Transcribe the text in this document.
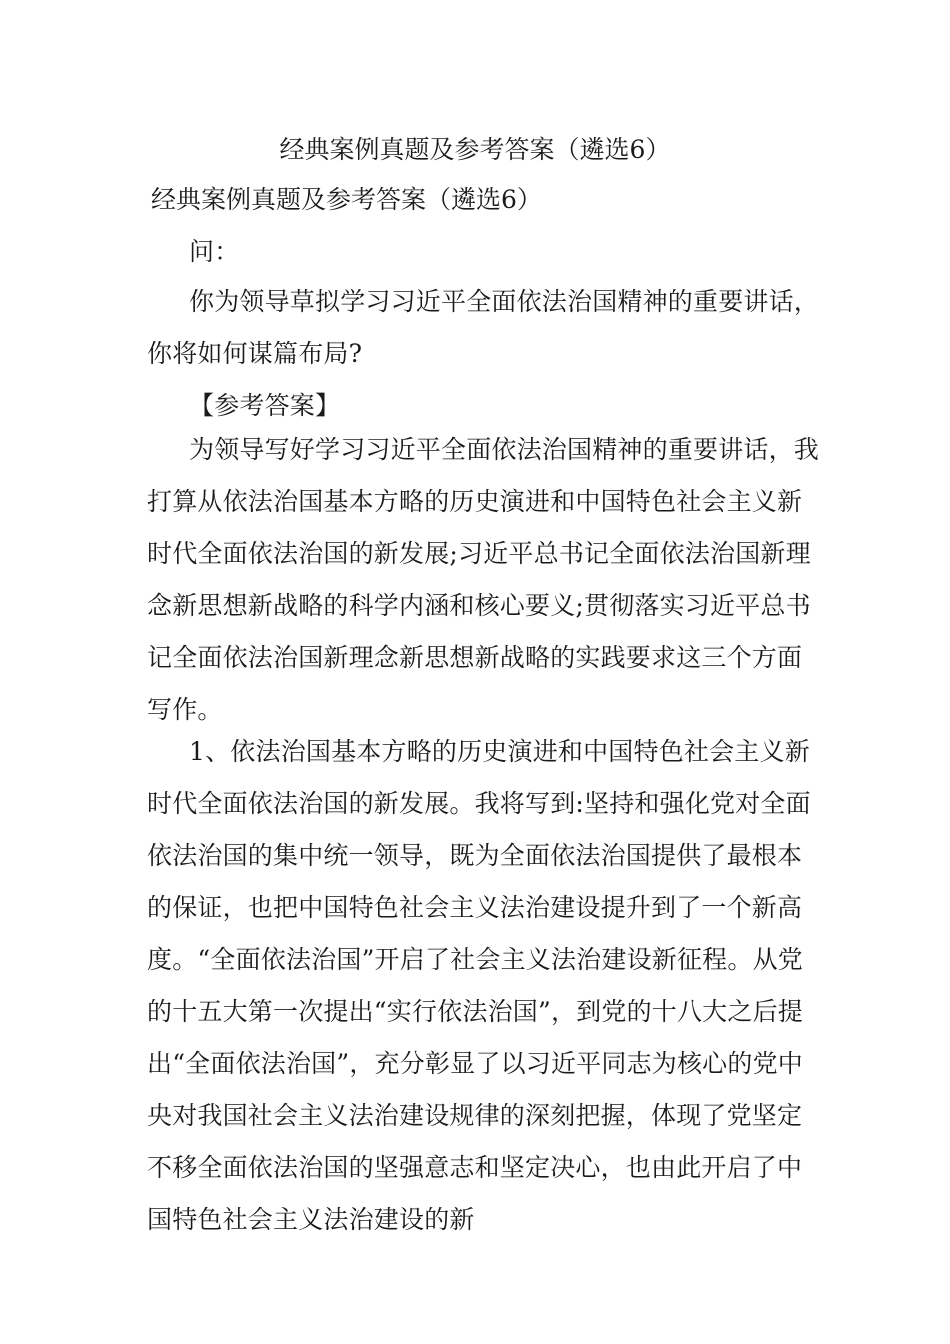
经典案例真题及参考答案（遴选6）
经典案例真题及参考答案（遴选6）
问：
你为领导草拟学习习近平全面依法治国精神的重要讲话，你将如何谋篇布局?
【参考答案】
为领导写好学习习近平全面依法治国精神的重要讲话，我打算从依法治国基本方略的历史演进和中国特色社会主义新时代全面依法治国的新发展;习近平总书记全面依法治国新理念新思想新战略的科学内涵和核心要义;贯彻落实习近平总书记全面依法治国新理念新思想新战略的实践要求这三个方面写作。
1、依法治国基本方略的历史演进和中国特色社会主义新时代全面依法治国的新发展。我将写到:坚持和强化党对全面依法治国的集中统一领导，既为全面依法治国提供了最根本的保证，也把中国特色社会主义法治建设提升到了一个新高度。“全面依法治国”开启了社会主义法治建设新征程。从党的十五大第一次提出“实行依法治国”，到党的十八大之后提出“全面依法治国”，充分彰显了以习近平同志为核心的党中央对我国社会主义法治建设规律的深刻把握，体现了党坚定不移全面依法治国的坚强意志和坚定决心，也由此开启了中国特色社会主义法治建设的新
